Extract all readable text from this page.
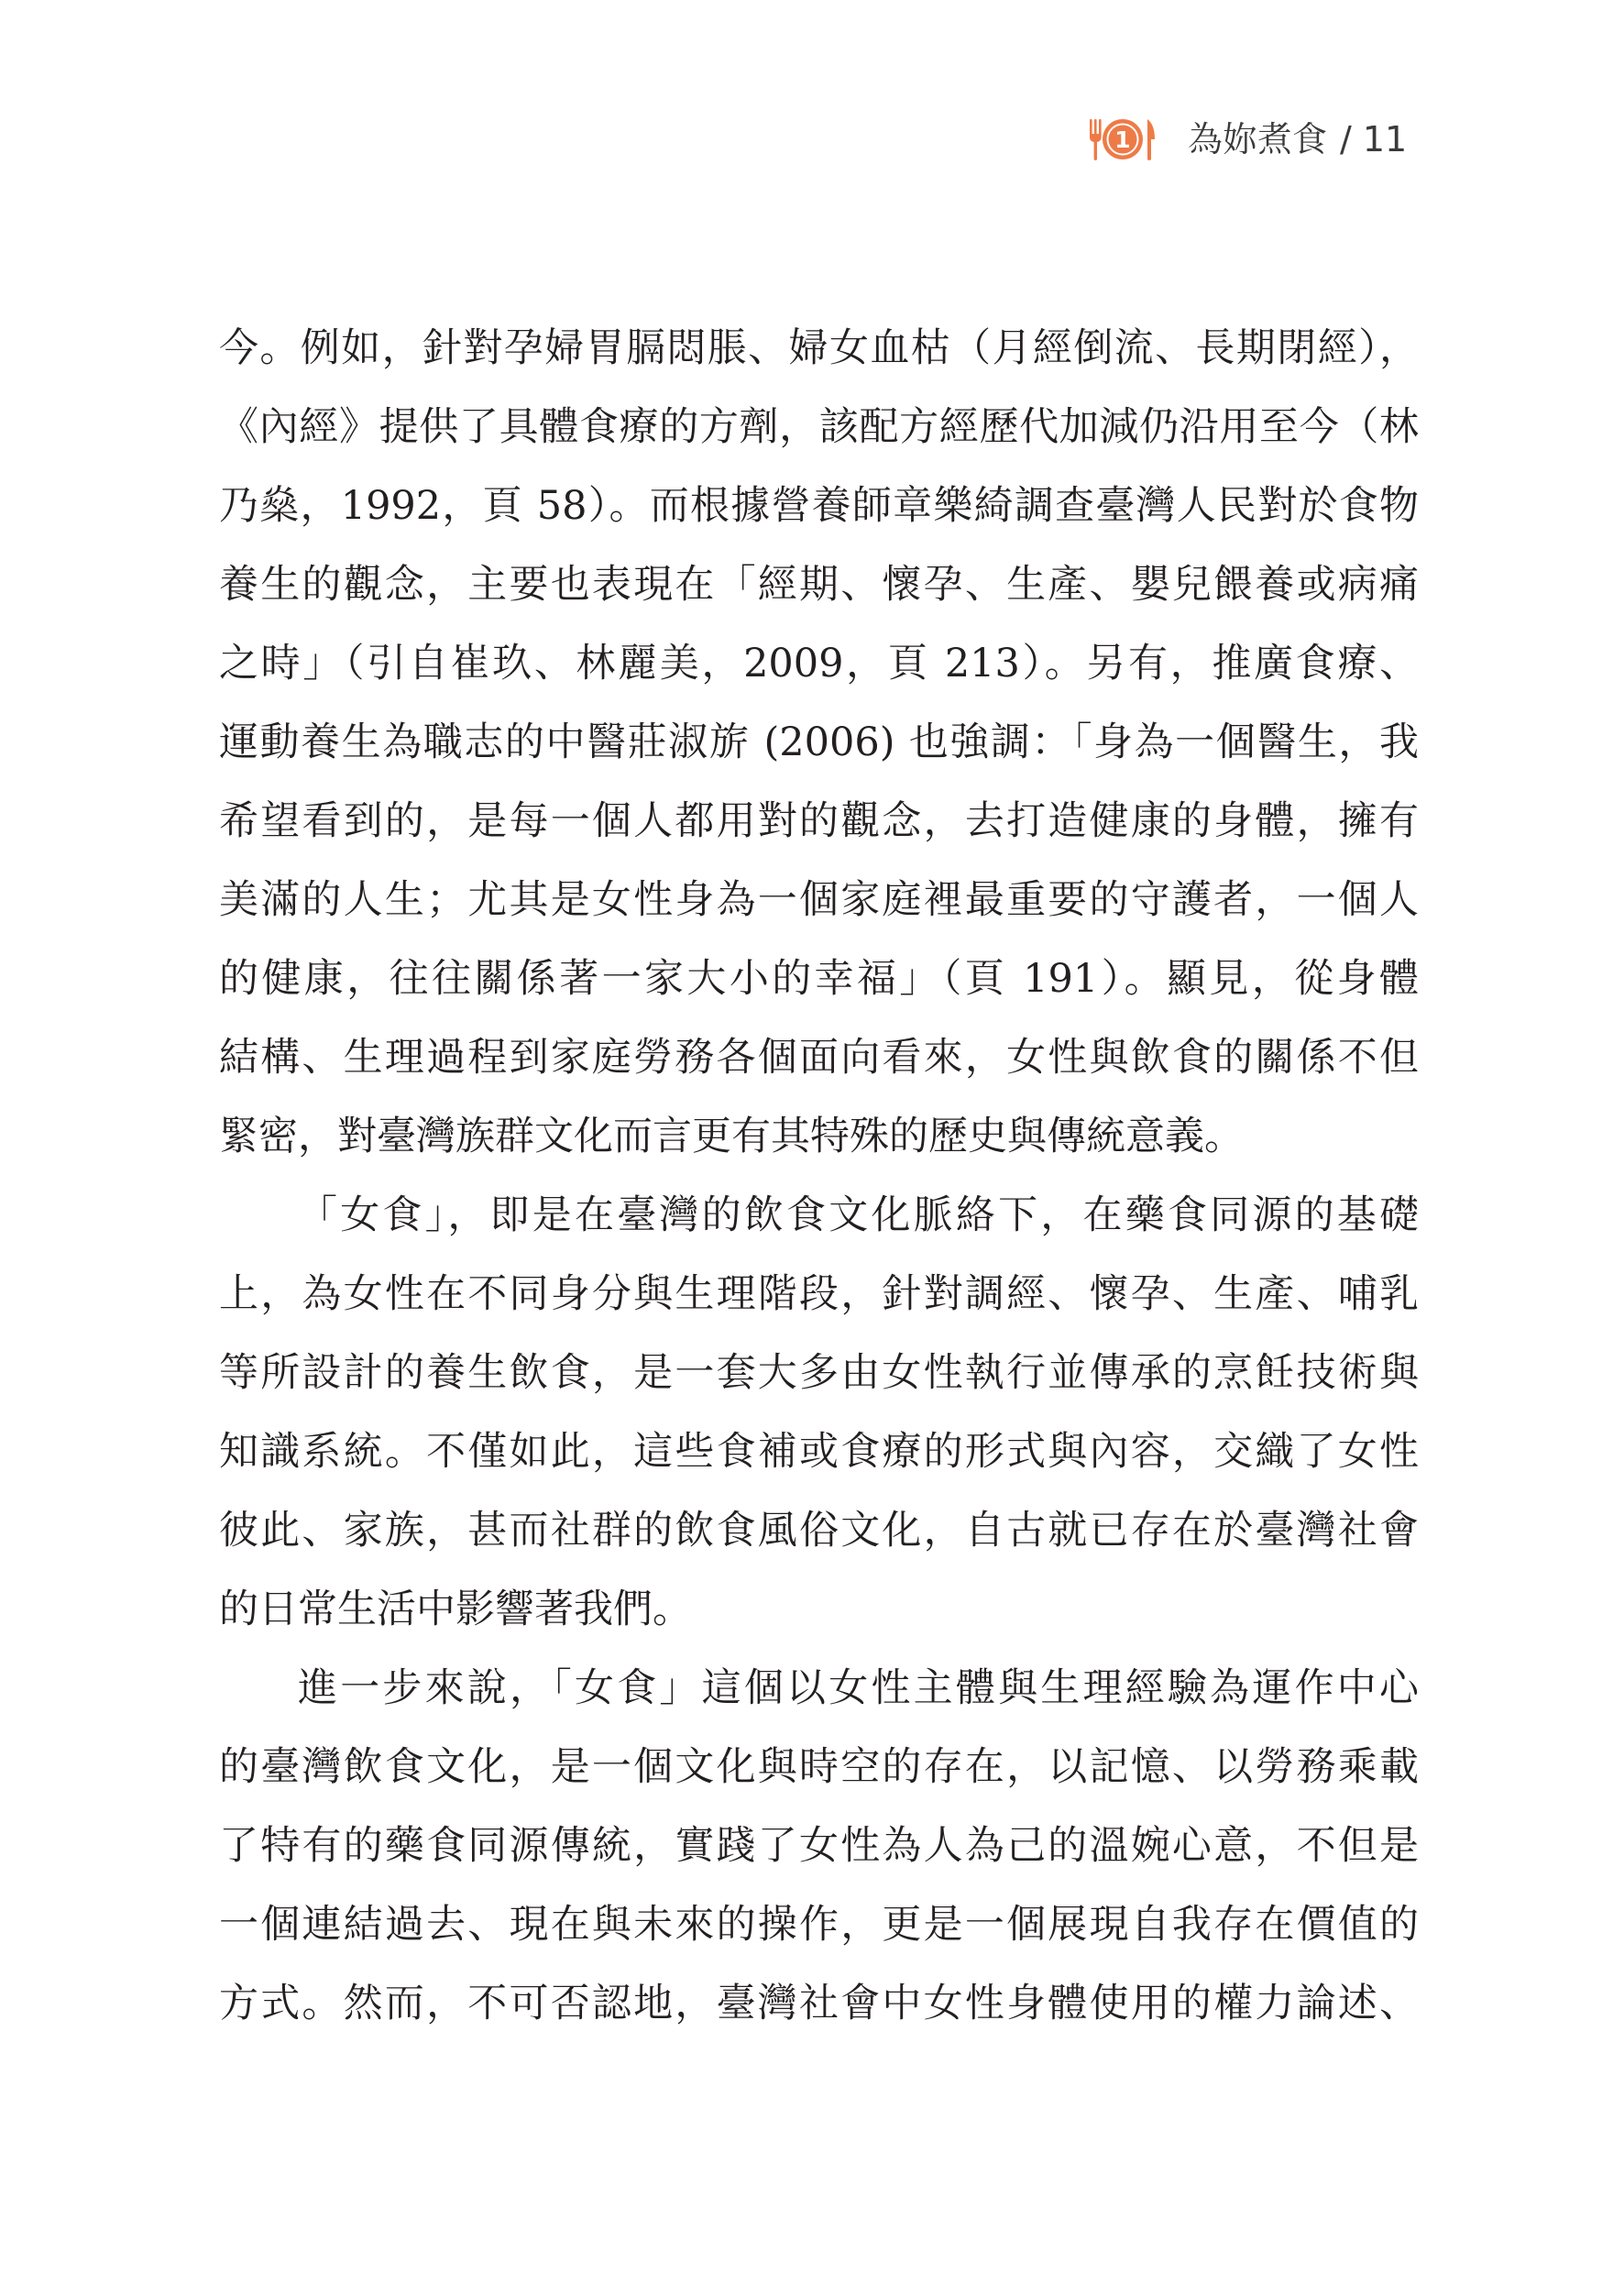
1 為妳煮食 / 11
今。例如，針對孕婦胃膈悶脹、婦女血枯（月經倒流、長期閉經），
《內經》提供了具體食療的方劑，該配方經歷代加減仍沿用至今（林
乃燊，1992，頁 58）。而根據營養師章樂綺調查臺灣人民對於食物
養生的觀念，主要也表現在「經期、懷孕、生產、嬰兒餵養或病痛
之時」（引自崔玖、林麗美，2009，頁 213）。另有，推廣食療、
運動養生為職志的中醫莊淑旂 (2006) 也強調：「身為一個醫生，我
希望看到的，是每一個人都用對的觀念，去打造健康的身體，擁有
美滿的人生；尤其是女性身為一個家庭裡最重要的守護者，一個人
的健康，往往關係著一家大小的幸福」（頁 191）。顯見，從身體
結構、生理過程到家庭勞務各個面向看來，女性與飲食的關係不但
緊密，對臺灣族群文化而言更有其特殊的歷史與傳統意義。
「女食」，即是在臺灣的飲食文化脈絡下，在藥食同源的基礎
上，為女性在不同身分與生理階段，針對調經、懷孕、生產、哺乳
等所設計的養生飲食，是一套大多由女性執行並傳承的烹飪技術與
知識系統。不僅如此，這些食補或食療的形式與內容，交織了女性
彼此、家族，甚而社群的飲食風俗文化，自古就已存在於臺灣社會
的日常生活中影響著我們。
進一步來說，「女食」這個以女性主體與生理經驗為運作中心
的臺灣飲食文化，是一個文化與時空的存在，以記憶、以勞務乘載
了特有的藥食同源傳統，實踐了女性為人為己的溫婉心意，不但是
一個連結過去、現在與未來的操作，更是一個展現自我存在價值的
方式。然而，不可否認地，臺灣社會中女性身體使用的權力論述、
